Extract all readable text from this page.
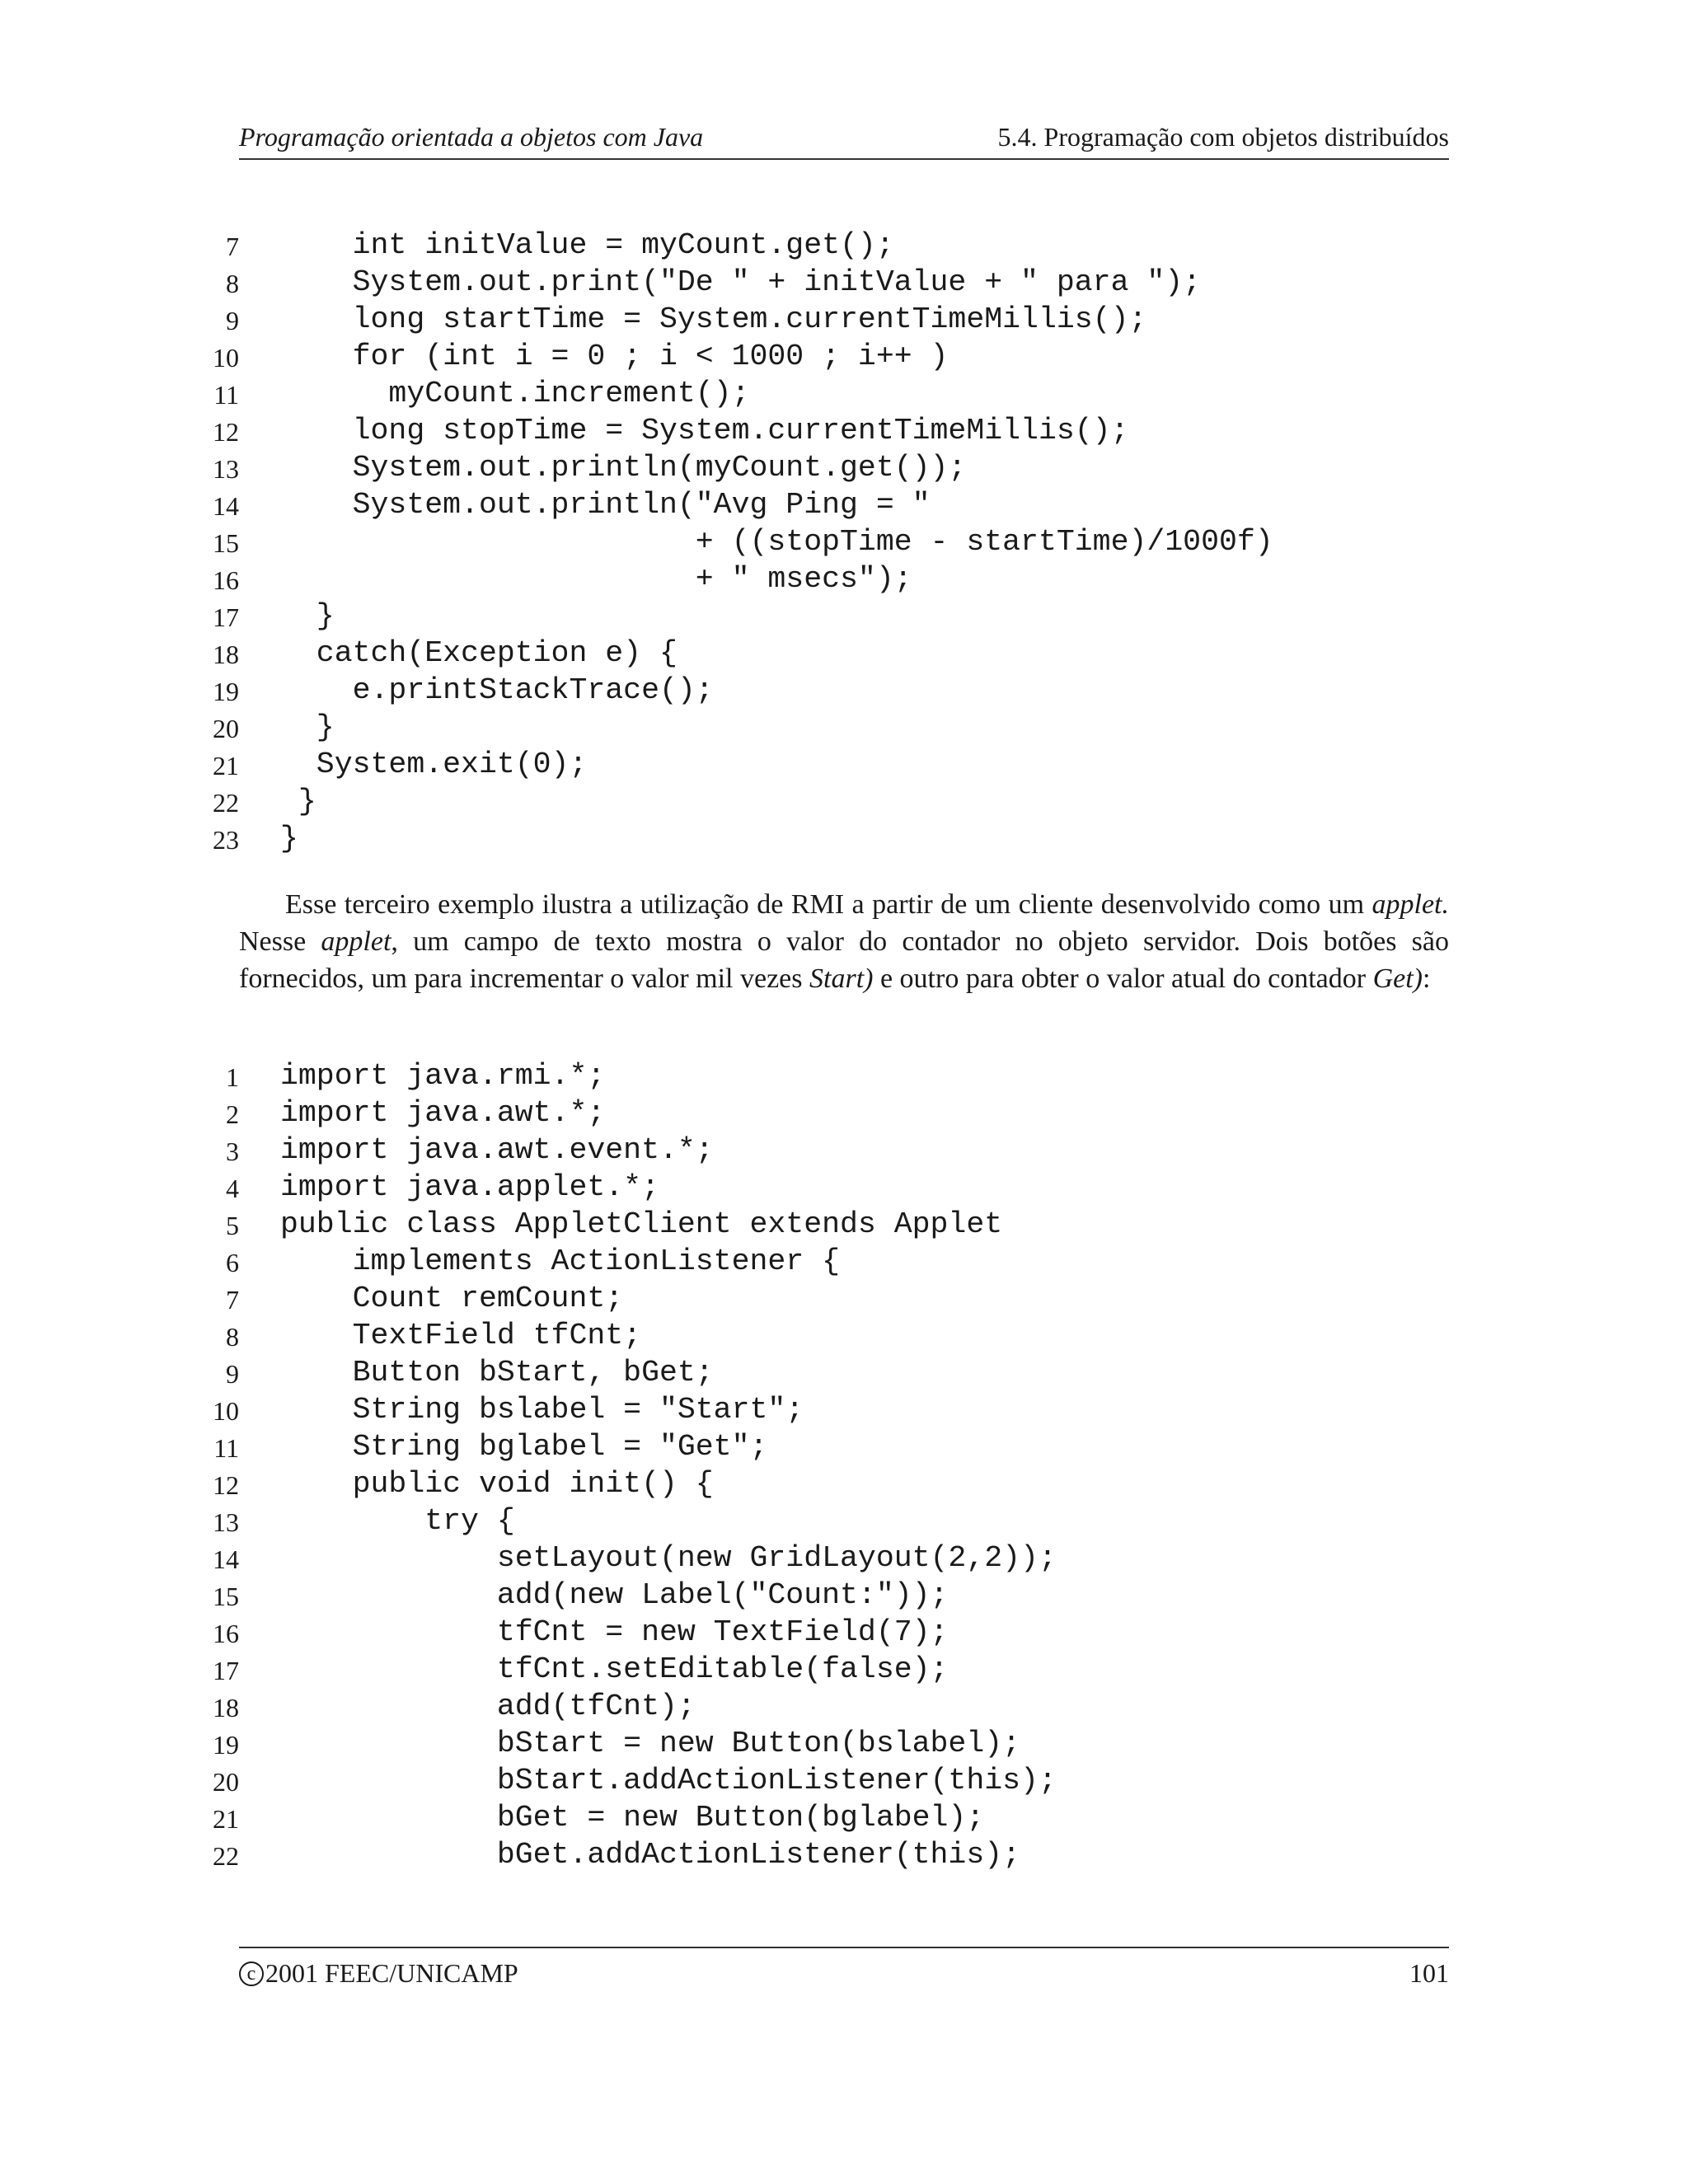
Programação orientada a objetos com Java	5.4. Programação com objetos distribuídos
7 int initValue = myCount.get();
8 System.out.print("De " + initValue + " para ");
9 long startTime = System.currentTimeMillis();
10 for (int i = 0 ; i < 1000 ; i++ )
11 myCount.increment();
12 long stopTime = System.currentTimeMillis();
13 System.out.println(myCount.get());
14 System.out.println("Avg Ping = "
15 + ((stopTime - startTime)/1000f)
16 + " msecs");
17 }
18 catch(Exception e) {
19 e.printStackTrace();
20 }
21 System.exit(0);
22 }
23 }

Esse terceiro exemplo ilustra a utilização de RMI a partir de um cliente desenvolvido como um applet. Nesse applet, um campo de texto mostra o valor do contador no objeto servidor. Dois botões são fornecidos, um para incrementar o valor mil vezes Start) e outro para obter o valor atual do contador Get):

1 import java.rmi.*;
2 import java.awt.*;
3 import java.awt.event.*;
4 import java.applet.*;
5 public class AppletClient extends Applet
6 implements ActionListener {
7 Count remCount;
8 TextField tfCnt;
9 Button bStart, bGet;
10 String bslabel = "Start";
11 String bglabel = "Get";
12 public void init() {
13 try {
14 setLayout(new GridLayout(2,2));
15 add(new Label("Count:"));
16 tfCnt = new TextField(7);
17 tfCnt.setEditable(false);
18 add(tfCnt);
19 bStart = new Button(bslabel);
20 bStart.addActionListener(this);
21 bGet = new Button(bglabel);
22 bGet.addActionListener(this);
c 2001 FEEC/UNICAMP	101
